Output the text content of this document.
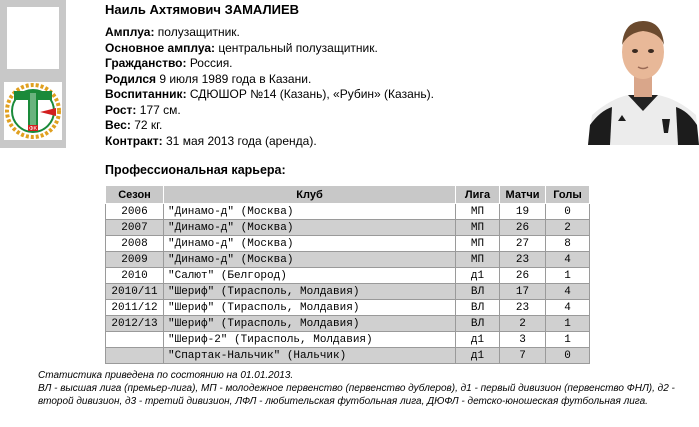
ФК
Наиль Ахтямович ЗАМАЛИЕВ
Амплуа: полузащитник.
Основное амплуа: центральный полузащитник.
Гражданство: Россия.
Родился 9 июля 1989 года в Казани.
Воспитанник: СДЮШОР №14 (Казань), «Рубин» (Казань).
Рост: 177 см.
Вес: 72 кг.
Контракт: 31 мая 2013 года (аренда).
Профессиональная карьера:
Сезон	Клуб	Лига	Матчи	Голы
2006	"Динамо-д" (Москва)	МП	19	0
2007	"Динамо-д" (Москва)	МП	26	2
2008	"Динамо-д" (Москва)	МП	27	8
2009	"Динамо-д" (Москва)	МП	23	4
2010	"Салют" (Белгород)	д1	26	1
2010/11	"Шериф" (Тирасполь, Молдавия)	ВЛ	17	4
2011/12	"Шериф" (Тирасполь, Молдавия)	ВЛ	23	4
2012/13	"Шериф" (Тирасполь, Молдавия)	ВЛ	2	1
	"Шериф-2" (Тирасполь, Молдавия)	д1	3	1
	"Спартак-Нальчик" (Нальчик)	д1	7	0
Статистика приведена по состоянию на 01.01.2013.
ВЛ - высшая лига (премьер-лига), МП - молодежное первенство (первенство дублеров), д1 - первый дивизион (первенство ФНЛ), д2 - второй дивизион, д3 - третий дивизион, ЛФЛ - любительская футбольная лига, ДЮФЛ - детско-юношеская футбольная лига.
